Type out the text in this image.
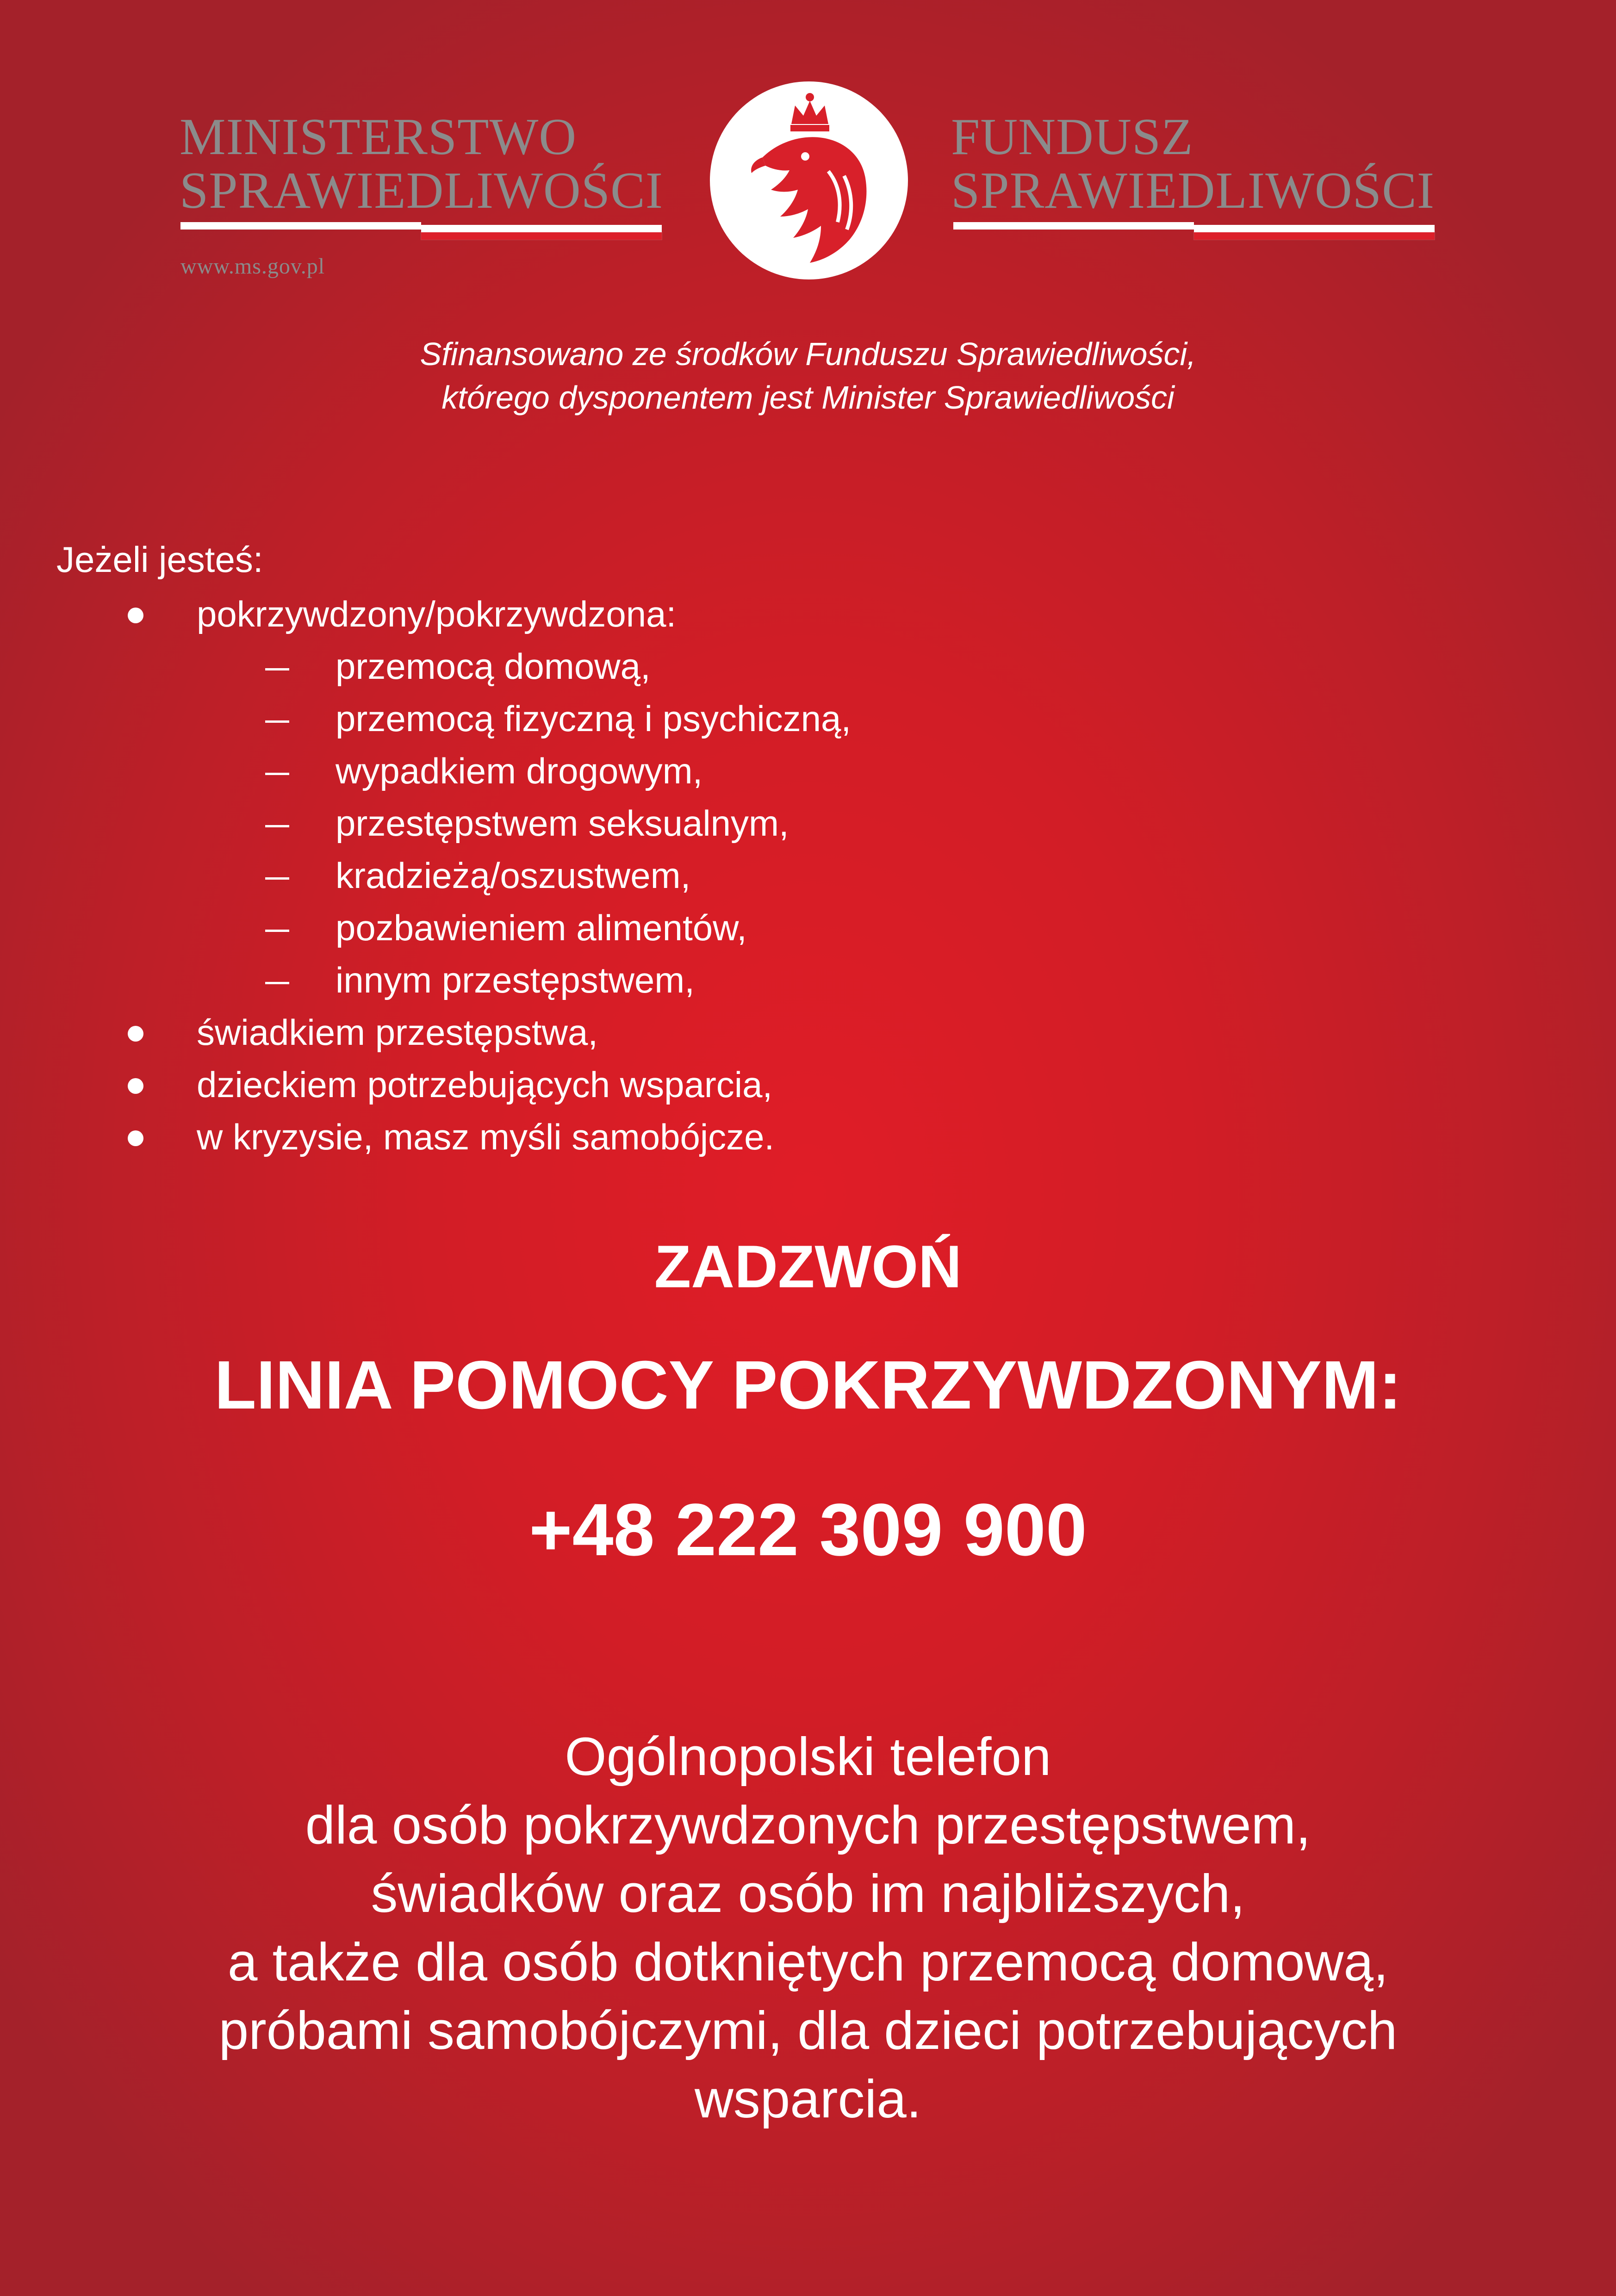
MINISTERSTWO
SPRAWIEDLIWOŚCI
www.ms.gov.pl
FUNDUSZ
SPRAWIEDLIWOŚCI
Sfinansowano ze środków Funduszu Sprawiedliwości,
którego dysponentem jest Minister Sprawiedliwości
Jeżeli jesteś:
pokrzywdzony/pokrzywdzona:
przemocą domową,
przemocą fizyczną i psychiczną,
wypadkiem drogowym,
przestępstwem seksualnym,
kradzieżą/oszustwem,
pozbawieniem alimentów,
innym przestępstwem,
świadkiem przestępstwa,
dzieckiem potrzebujących wsparcia,
w kryzysie, masz myśli samobójcze.
ZADZWOŃ
LINIA POMOCY POKRZYWDZONYM:
+48 222 309 900
Ogólnopolski telefon
dla osób pokrzywdzonych przestępstwem,
świadków oraz osób im najbliższych,
a także dla osób dotkniętych przemocą domową,
próbami samobójczymi, dla dzieci potrzebujących
wsparcia.
